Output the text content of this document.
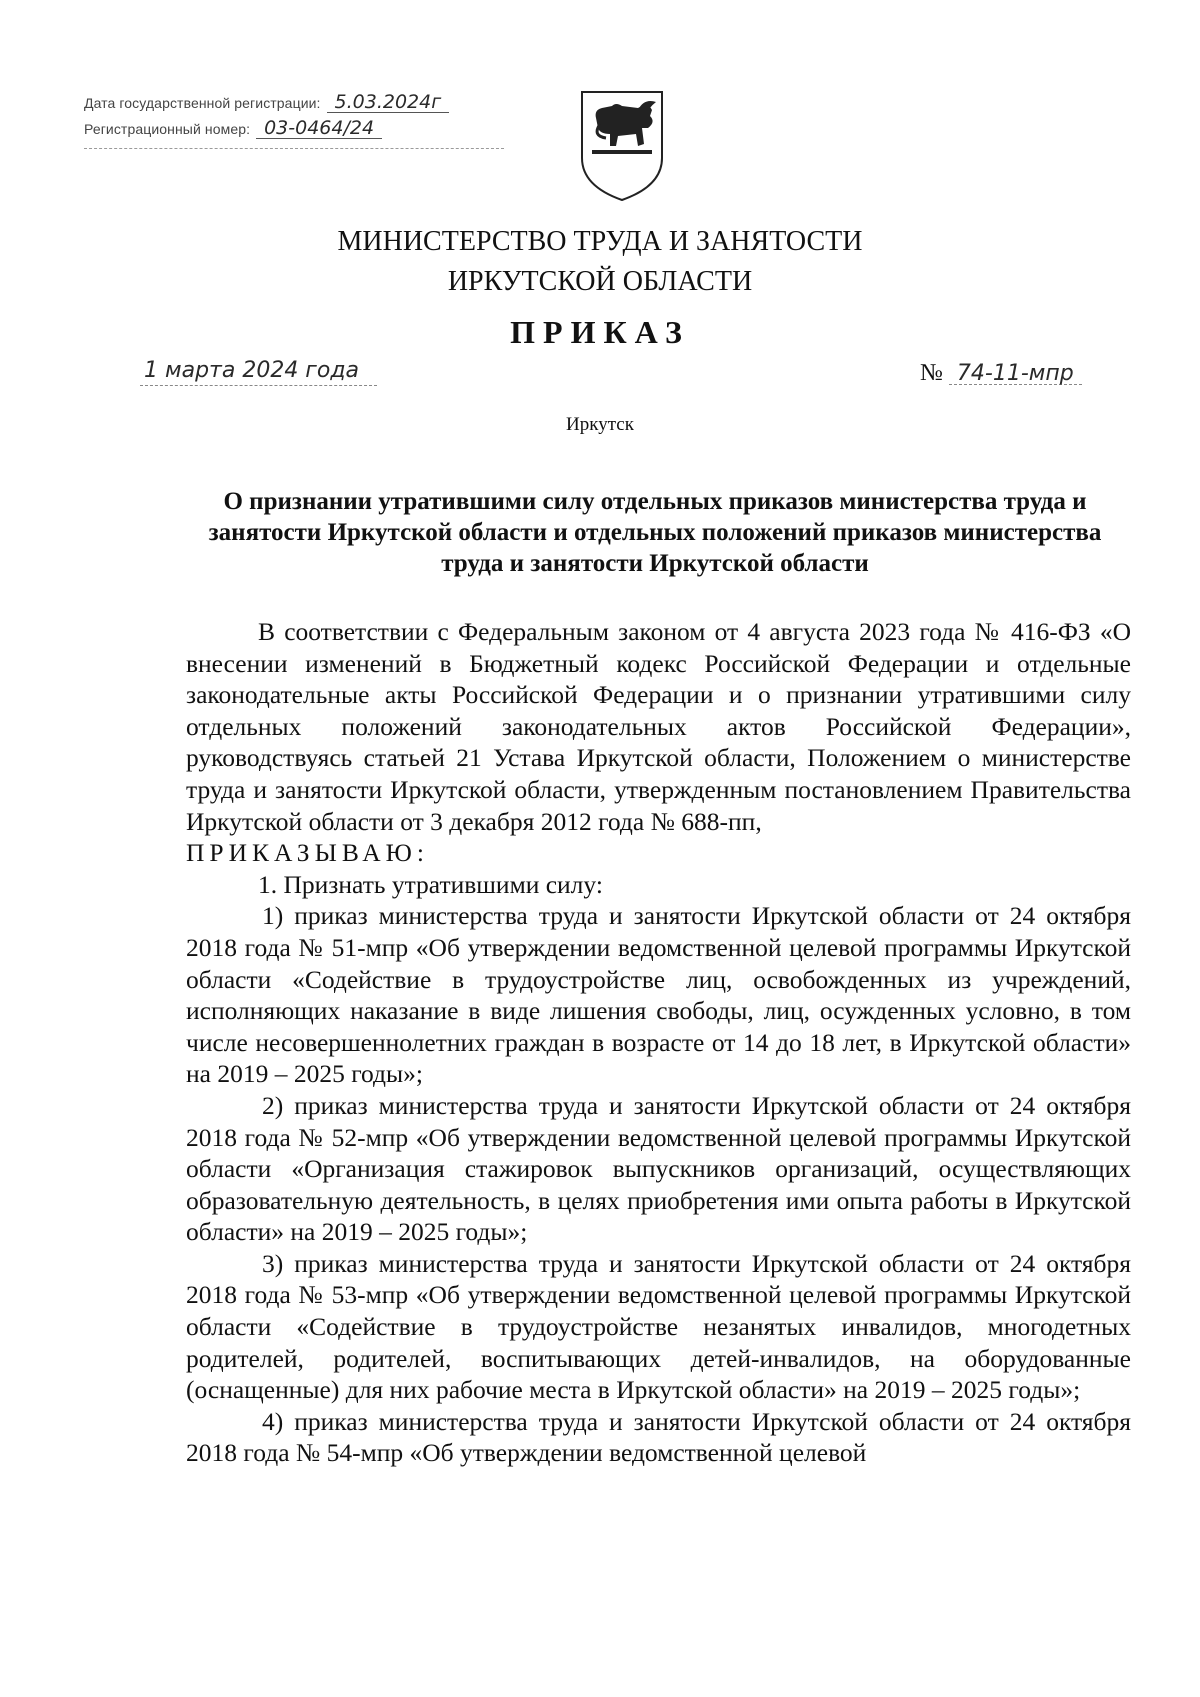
Дата государственной регистрации: 5.03.2024г
Регистрационный номер: 03-0464/24
МИНИСТЕРСТВО ТРУДА И ЗАНЯТОСТИ
ИРКУТСКОЙ ОБЛАСТИ
ПРИКАЗ
1 марта 2024 года	№ 74-11-мпр
Иркутск
О признании утратившими силу отдельных приказов министерства труда и занятости Иркутской области и отдельных положений приказов министерства труда и занятости Иркутской области

В соответствии с Федеральным законом от 4 августа 2023 года № 416-ФЗ «О внесении изменений в Бюджетный кодекс Российской Федерации и отдельные законодательные акты Российской Федерации и о признании утратившими силу отдельных положений законодательных актов Российской Федерации», руководствуясь статьей 21 Устава Иркутской области, Положением о министерстве труда и занятости Иркутской области, утвержденным постановлением Правительства Иркутской области от 3 декабря 2012 года № 688-пп,

ПРИКАЗЫВАЮ:

1. Признать утратившими силу:

1) приказ министерства труда и занятости Иркутской области от 24 октября 2018 года № 51-мпр «Об утверждении ведомственной целевой программы Иркутской области «Содействие в трудоустройстве лиц, освобожденных из учреждений, исполняющих наказание в виде лишения свободы, лиц, осужденных условно, в том числе несовершеннолетних граждан в возрасте от 14 до 18 лет, в Иркутской области» на 2019 – 2025 годы»;

2) приказ министерства труда и занятости Иркутской области от 24 октября 2018 года № 52-мпр «Об утверждении ведомственной целевой программы Иркутской области «Организация стажировок выпускников организаций, осуществляющих образовательную деятельность, в целях приобретения ими опыта работы в Иркутской области» на 2019 – 2025 годы»;

3) приказ министерства труда и занятости Иркутской области от 24 октября 2018 года № 53-мпр «Об утверждении ведомственной целевой программы Иркутской области «Содействие в трудоустройстве незанятых инвалидов, многодетных родителей, родителей, воспитывающих детей-инвалидов, на оборудованные (оснащенные) для них рабочие места в Иркутской области» на 2019 – 2025 годы»;

4) приказ министерства труда и занятости Иркутской области от 24 октября 2018 года № 54-мпр «Об утверждении ведомственной целевой
